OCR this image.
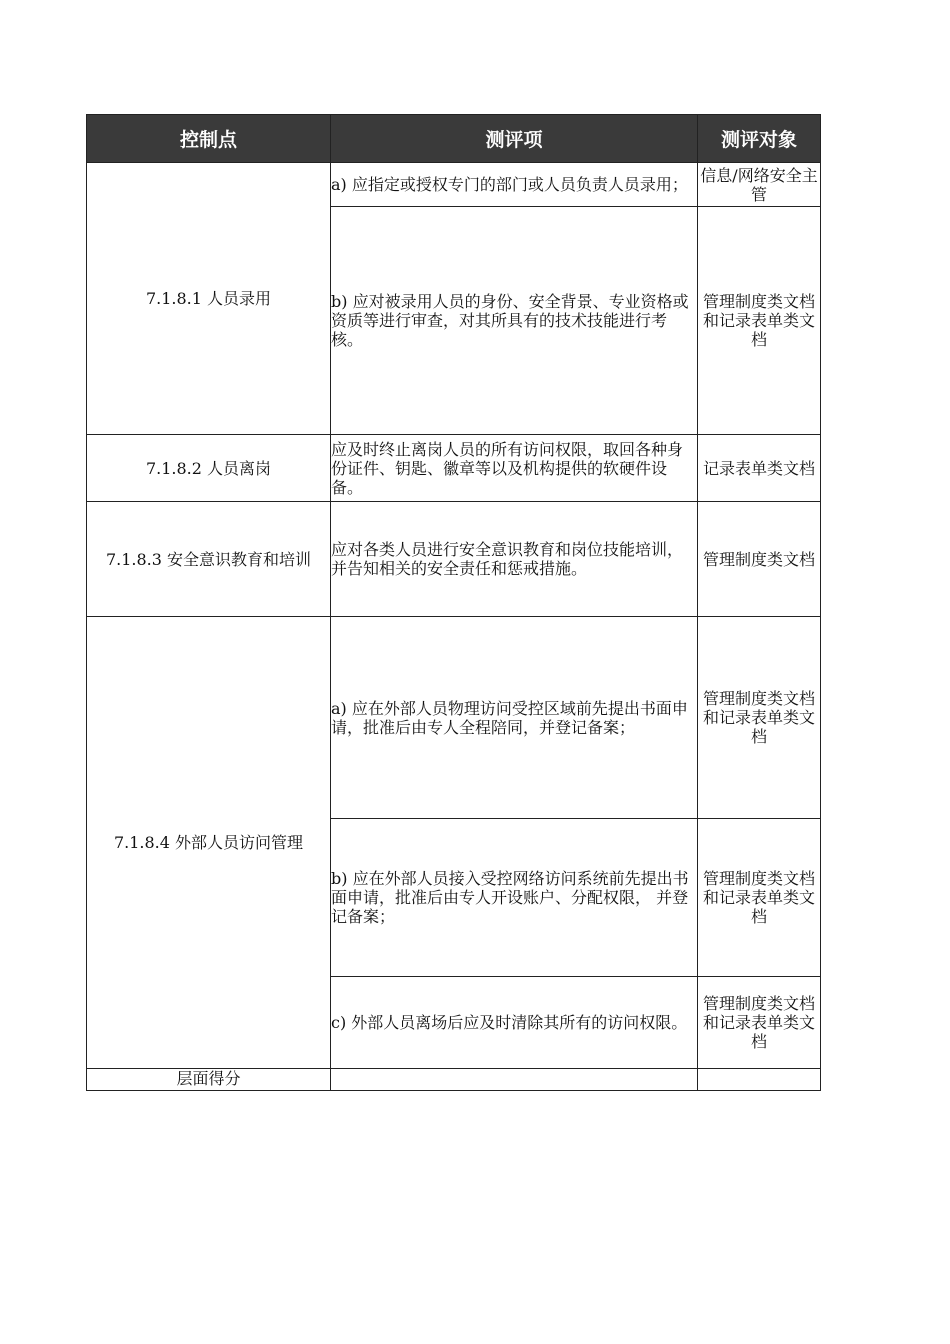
控制点	测评项	测评对象
7.1.8.1 人员录用	a) 应指定或授权专门的部门或人员负责人员录用；	信息/网络安全主管
	b) 应对被录用人员的身份、安全背景、专业资格或资质等进行审查，对其所具有的技术技能进行考核。	管理制度类文档和记录表单类文档
7.1.8.2 人员离岗	应及时终止离岗人员的所有访问权限，取回各种身份证件、钥匙、徽章等以及机构提供的软硬件设备。	记录表单类文档
7.1.8.3 安全意识教育和培训	应对各类人员进行安全意识教育和岗位技能培训，并告知相关的安全责任和惩戒措施。	管理制度类文档
7.1.8.4 外部人员访问管理	a) 应在外部人员物理访问受控区域前先提出书面申请，批准后由专人全程陪同，并登记备案；	管理制度类文档和记录表单类文档
	b) 应在外部人员接入受控网络访问系统前先提出书面申请，批准后由专人开设账户、分配权限， 并登记备案；	管理制度类文档和记录表单类文档
	c) 外部人员离场后应及时清除其所有的访问权限。	管理制度类文档和记录表单类文档
层面得分		
